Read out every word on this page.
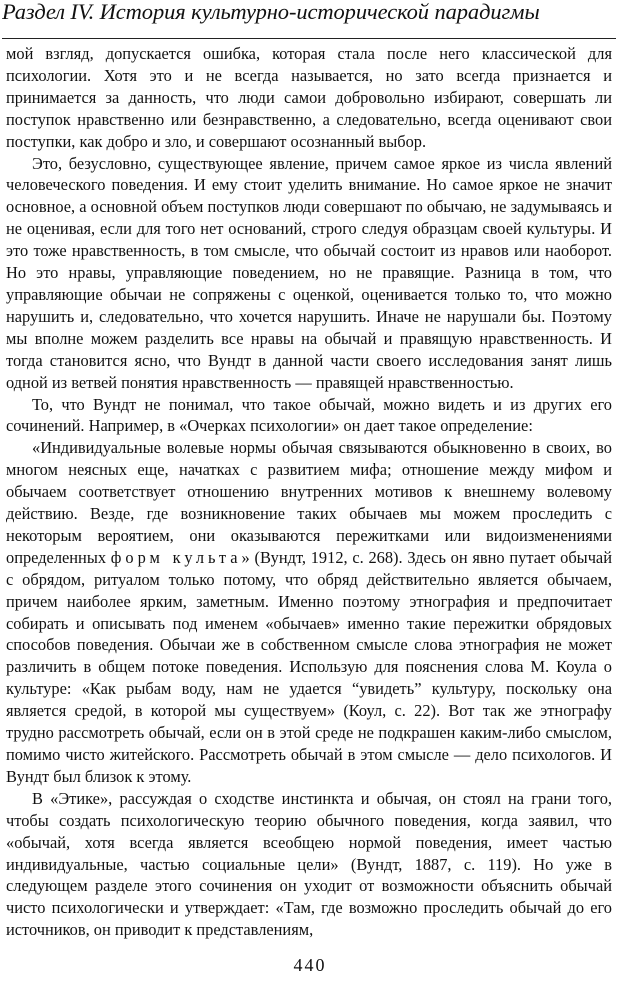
Раздел IV. История культурно-исторической парадигмы

мой взгляд, допускается ошибка, которая стала после него классической для психологии. Хотя это и не всегда называется, но зато всегда признается и принимается за данность, что люди самои добровольно избирают, совершать ли поступок нравственно или безнравственно, а следовательно, всегда оценивают свои поступки, как добро и зло, и совершают осознанный выбор.

Это, безусловно, существующее явление, причем самое яркое из числа явлений человеческого поведения. И ему стоит уделить внимание. Но самое яркое не значит основное, а основной объем поступков люди совершают по обычаю, не задумываясь и не оценивая, если для того нет оснований, строго следуя образцам своей культуры. И это тоже нравственность, в том смысле, что обычай состоит из нравов или наоборот. Но это нравы, управляющие поведением, но не правящие. Разница в том, что управляющие обычаи не сопряжены с оценкой, оценивается только то, что можно нарушить и, следовательно, что хочется нарушить. Иначе не нарушали бы. Поэтому мы вполне можем разделить все нравы на обычай и правящую нравственность. И тогда становится ясно, что Вундт в данной части своего исследования занят лишь одной из ветвей понятия нравственность — правящей нравственностью.

То, что Вундт не понимал, что такое обычай, можно видеть и из других его сочинений. Например, в «Очерках психологии» он дает такое определение:

«Индивидуальные волевые нормы обычая связываются обыкновенно в своих, во многом неясных еще, начатках с развитием мифа; отношение между мифом и обычаем соответствует отношению внутренних мотивов к внешнему волевому действию. Везде, где возникновение таких обычаев мы можем проследить с некоторым вероятием, они оказываются пережитками или видоизменениями определенных форм культа» (Вундт, 1912, с. 268). Здесь он явно путает обычай с обрядом, ритуалом только потому, что обряд действительно является обычаем, причем наиболее ярким, заметным. Именно поэтому этнография и предпочитает собирать и описывать под именем «обычаев» именно такие пережитки обрядовых способов поведения. Обычаи же в собственном смысле слова этнография не может различить в общем потоке поведения. Использую для пояснения слова М. Коула о культуре: «Как рыбам воду, нам не удается “увидеть” культуру, поскольку она является средой, в которой мы существуем» (Коул, с. 22). Вот так же этнографу трудно рассмотреть обычай, если он в этой среде не подкрашен каким-либо смыслом, помимо чисто житейского. Рассмотреть обычай в этом смысле — дело психологов. И Вундт был близок к этому.

В «Этике», рассуждая о сходстве инстинкта и обычая, он стоял на грани того, чтобы создать психологическую теорию обычного поведения, когда заявил, что «обычай, хотя всегда является всеобщею нормой поведения, имеет частью индивидуальные, частью социальные цели» (Вундт, 1887, с. 119). Но уже в следующем разделе этого сочинения он уходит от возможности объяснить обычай чисто психологически и утверждает: «Там, где возможно проследить обычай до его источников, он приводит к представлениям,

440
